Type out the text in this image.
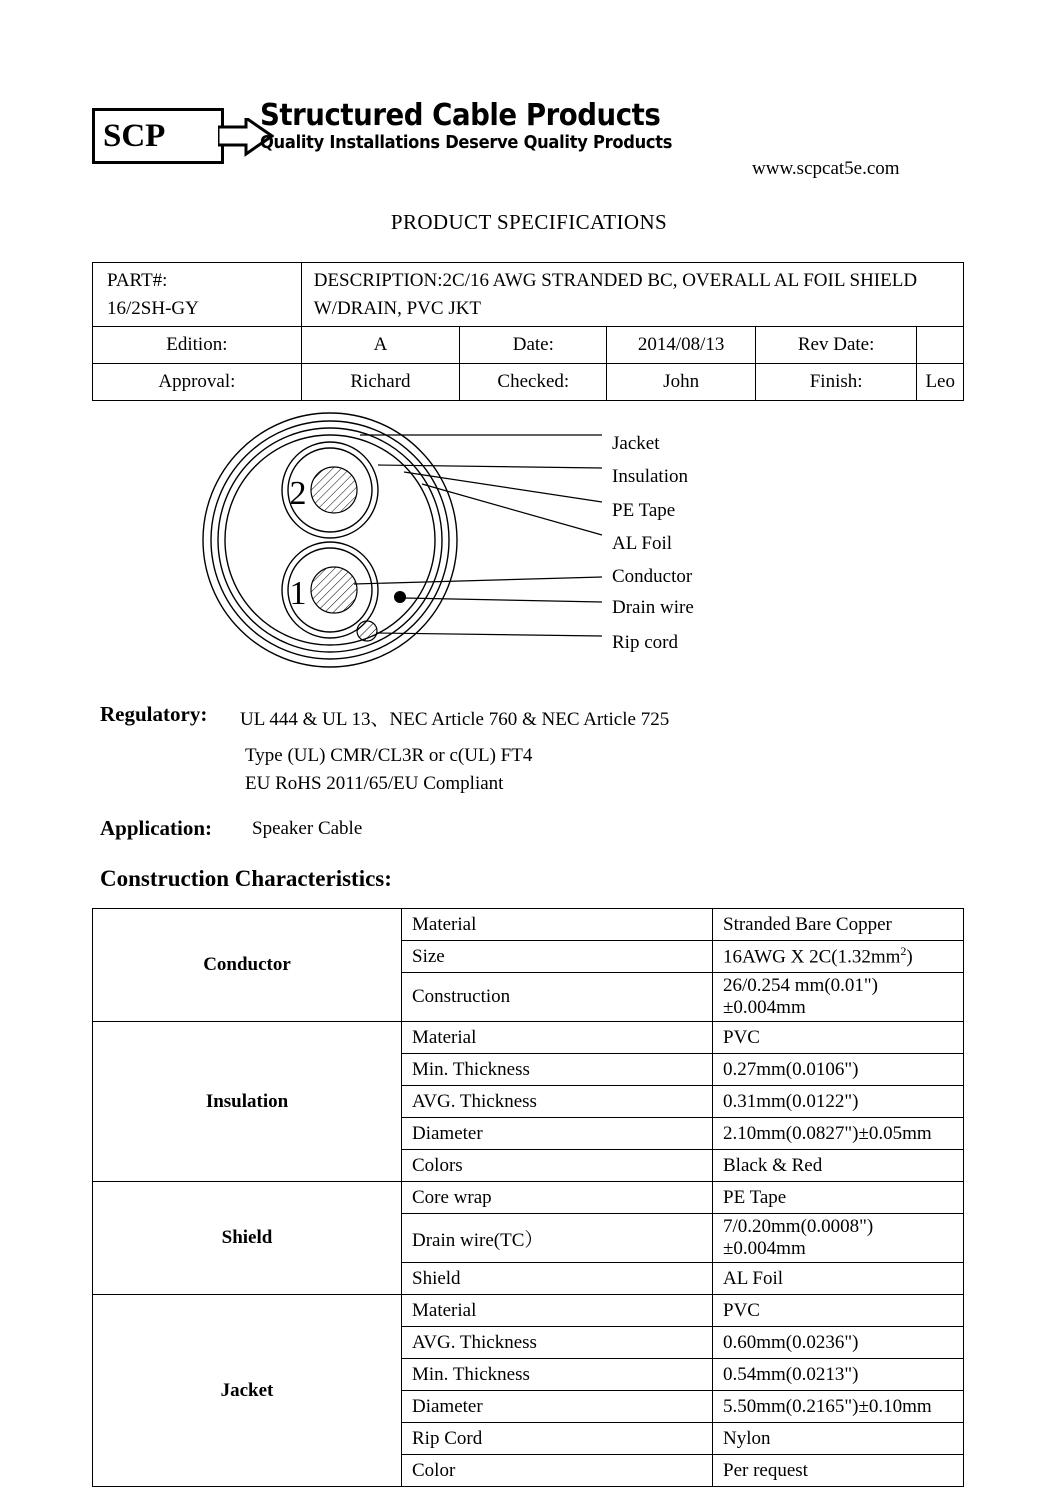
SCP
Structured Cable Products
Quality Installations Deserve Quality Products
www.scpcat5e.com
PRODUCT SPECIFICATIONS
PART#:
16/2SH-GY	DESCRIPTION:2C/16 AWG STRANDED BC, OVERALL AL FOIL SHIELD W/DRAIN, PVC JKT				
Edition:	A	Date:	2014/08/13	Rev Date:	
Approval:	Richard	Checked:	John	Finish:	Leo
2
1
Jacket
Insulation
PE Tape
AL Foil
Conductor
Drain wire
Rip cord
Regulatory: UL 444 & UL 13、NEC Article 760 & NEC Article 725
Type (UL) CMR/CL3R or c(UL) FT4
EU RoHS 2011/65/EU Compliant
Application: Speaker Cable
Construction Characteristics:
Conductor	Material	Stranded Bare Copper
	Size	16AWG X $2C(1.32mm^2)$
	Construction	26/0.254 mm(0.01")±0.004mm
Insulation	Material	PVC
	Min. Thickness	0.27mm(0.0106")
	AVG. Thickness	0.31mm(0.0122")
	Diameter	2.10mm(0.0827")±0.05mm
	Colors	Black & Red
Shield	Core wrap	PE Tape
	Drain wire(TC）	7/0.20mm(0.0008")±0.004mm
	Shield	AL Foil
Jacket	Material	PVC
	AVG. Thickness	0.60mm(0.0236")
	Min. Thickness	0.54mm(0.0213")
	Diameter	5.50mm(0.2165")±0.10mm
	Rip Cord	Nylon
	Color	Per request
